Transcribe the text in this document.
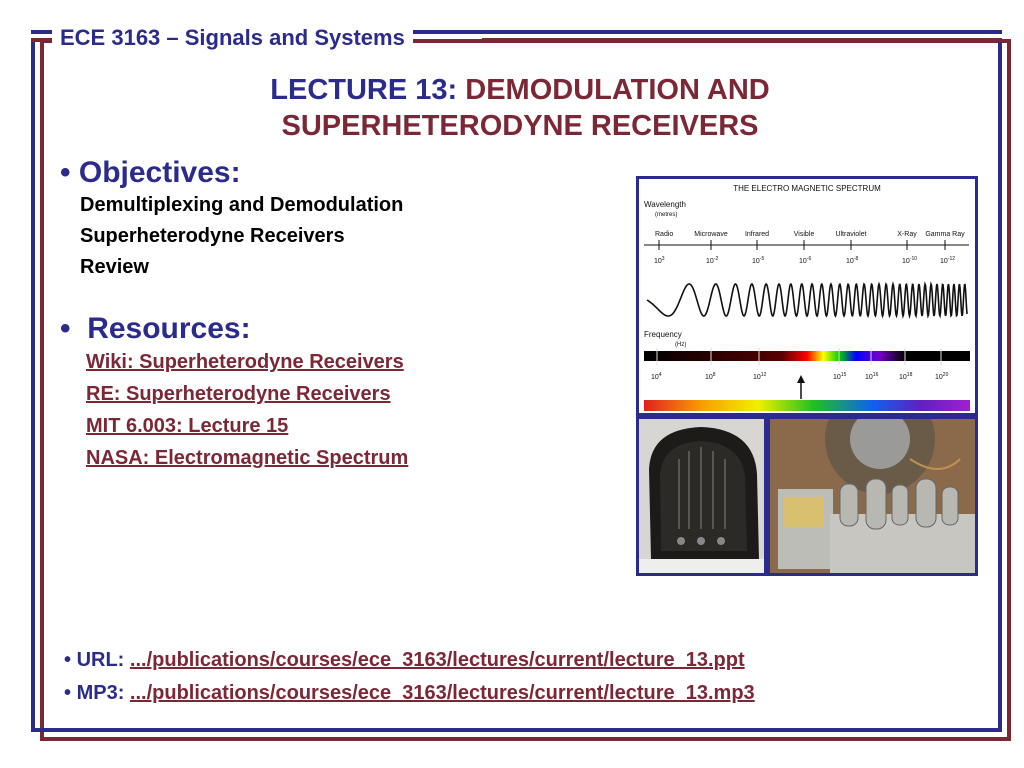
ECE 3163 – Signals and Systems
LECTURE 13: DEMODULATION AND
SUPERHETERODYNE RECEIVERS
• Objectives:
Demultiplexing and Demodulation
Superheterodyne Receivers
Review
• Resources:
Wiki: Superheterodyne Receivers
RE: Superheterodyne Receivers
MIT 6.003: Lecture 15
NASA: Electromagnetic Spectrum
THE ELECTRO MAGNETIC SPECTRUM
Wavelength
(metres)
Radio	Microwave Infrared	Visible	Ultraviolet	X-Ray Gamma Ray
$10^3$	$10^{-2}$	$10^{-5}$	$10^{-6}$	$10^{-8}$	$10^{-10}$	$10^{-12}$
Frequency
(Hz)
$10^4$	$10^8$	$10^{12}$	$10^{15}$	$10^{16}$	$10^{18}$	$10^{20}$
• URL: .../publications/courses/ece_3163/lectures/current/lecture_13.ppt
• MP3: .../publications/courses/ece_3163/lectures/current/lecture_13.mp3
